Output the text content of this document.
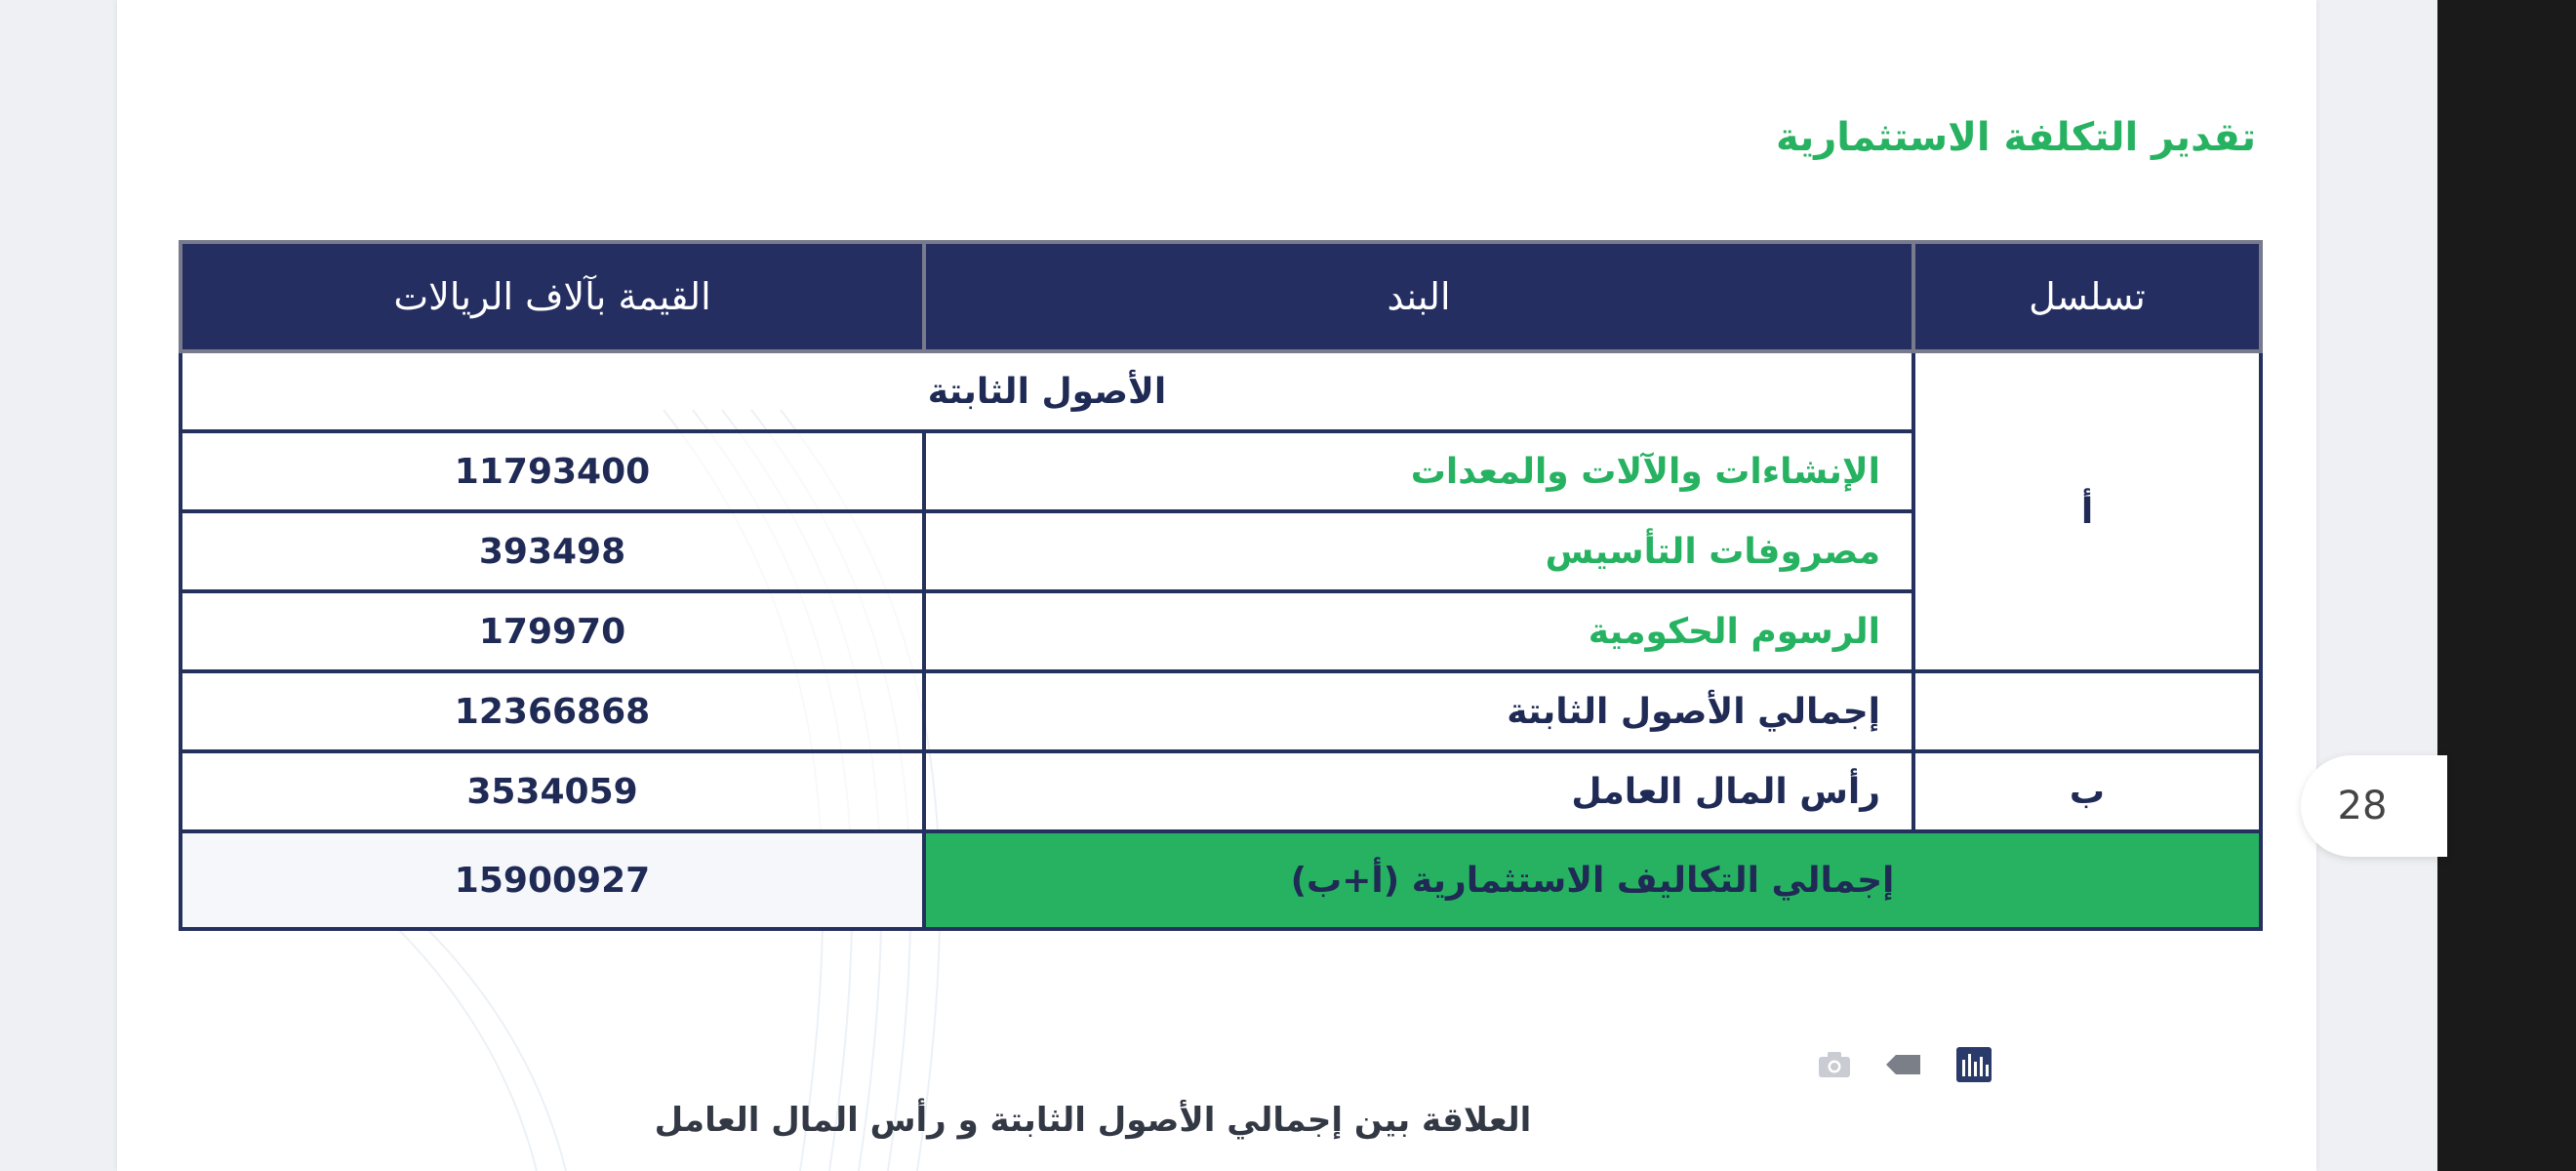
تقدير التكلفة الاستثمارية
تسلسل	البند	القيمة بآلاف الريالات
أ	الأصول الثابتة	
	الإنشاءات والآلات والمعدات	11793400
	مصروفات التأسيس	393498
	الرسوم الحكومية	179970
	إجمالي الأصول الثابتة	12366868
ب	رأس المال العامل	3534059
إجمالي التكاليف الاستثمارية (أ+ب)		15900927
العلاقة بين إجمالي الأصول الثابتة و رأس المال العامل
28
